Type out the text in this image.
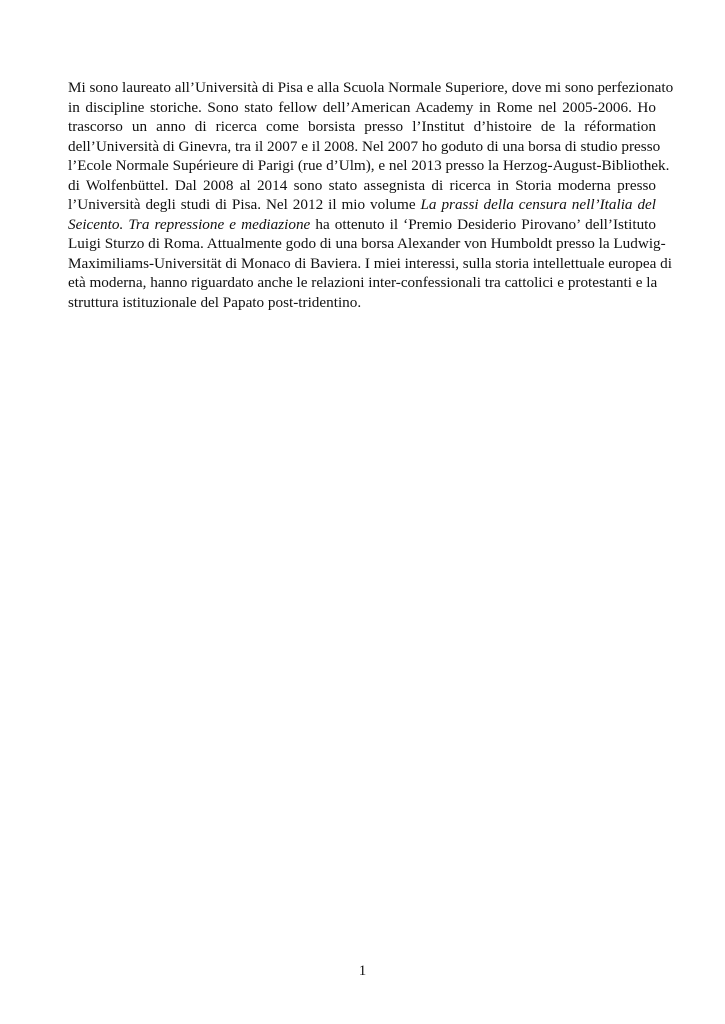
Mi sono laureato all’Università di Pisa e alla Scuola Normale Superiore, dove mi sono perfezionato
in discipline storiche. Sono stato fellow dell’American Academy in Rome nel 2005-2006. Ho
trascorso un anno di ricerca come borsista presso l’Institut d’histoire de la réformation
dell’Università di Ginevra, tra il 2007 e il 2008. Nel 2007 ho goduto di una borsa di studio presso
l’Ecole Normale Supérieure di Parigi (rue d’Ulm), e nel 2013 presso la Herzog-August-Bibliothek.
di Wolfenbüttel. Dal 2008 al 2014 sono stato assegnista di ricerca in Storia moderna presso
l’Università degli studi di Pisa. Nel 2012 il mio volume La prassi della censura nell’Italia del
Seicento. Tra repressione e mediazione ha ottenuto il ‘Premio Desiderio Pirovano’ dell’Istituto
Luigi Sturzo di Roma. Attualmente godo di una borsa Alexander von Humboldt presso la Ludwig-
Maximiliams-Universität di Monaco di Baviera. I miei interessi, sulla storia intellettuale europea di
età moderna, hanno riguardato anche le relazioni inter-confessionali tra cattolici e protestanti e la
struttura istituzionale del Papato post-tridentino.
1
